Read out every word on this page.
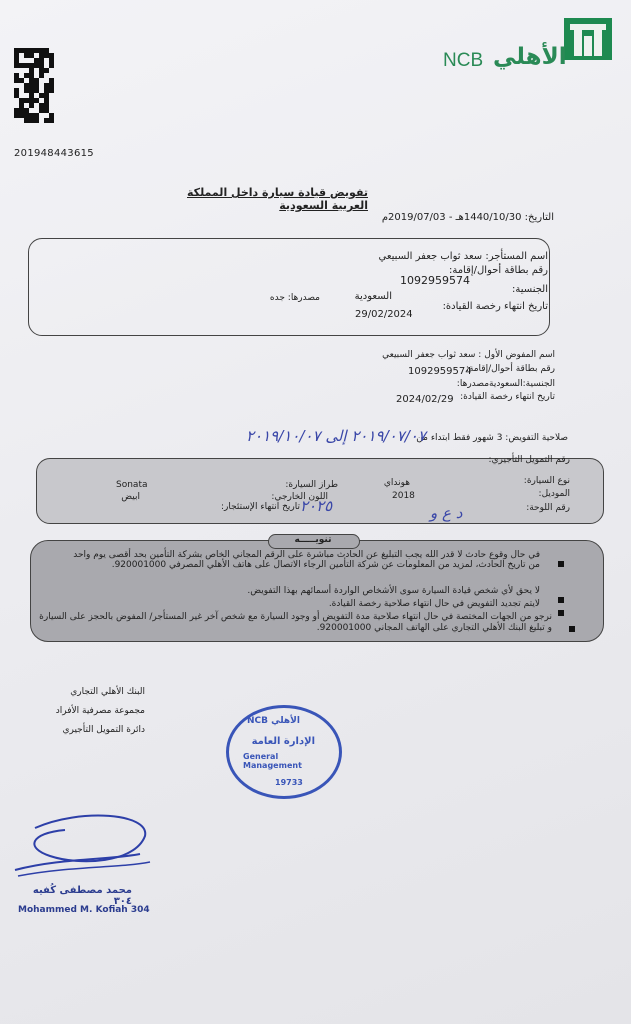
201948443615
NCB الأهلي
تفويض قيادة سيارة داخل المملكة العربية السعودية
التاريخ: 1440/10/30هـ - 2019/07/03م
اسم المستأجر: سعد ثواب جعفر السبيعي
رقم بطاقة أحوال/إقامة:
1092959574
الجنسية:
السعودية
مصدرها: جده
تاريخ انتهاء رخصة القيادة:
29/02/2024
اسم المفوض الأول : سعد ثواب جعفر السبيعي
رقم بطاقة أحوال/إقامة:
1092959574
الجنسية:السعوديةمصدرها:
تاريخ انتهاء رخصة القيادة:
2024/02/29
صلاحية التفويض: 3 شهور فقط ابتداء من
٢٠١٩/٠٧/٠٧ إلى ٢٠١٩/١٠/٠٧
رقم التمويل التأجيري:
نوع السيارة:
هونداي
طراز السيارة:
Sonata
الموديل:
2018
اللون الخارجي:
ابيض
رقم اللوحة:
تاريخ انتهاء الإستئجار: ٢٠٢٥	د ع و
تنويـــــه
في حال وقوع حادث لا قدر الله يجب التبليغ عن الحادث مباشرة على الرقم المجاني الخاص بشركة التأمين بحد أقصى يوم واحد من تاريخ الحادث، لمزيد من المعلومات عن شركة التأمين الرجاء الاتصال على هاتف الأهلي المصرفي 920001000.
لا يحق لأي شخص قيادة السيارة سوى الأشخاص الواردة أسمائهم بهذا التفويض.
لايتم تجديد التفويض في حال انتهاء صلاحية رخصة القيادة.
نرجو من الجهات المختصة في حال انتهاء صلاحية مدة التفويض أو وجود السيارة مع شخص آخر غير المستأجر/ المفوض بالحجز على السيارة و تبليغ البنك الأهلي التجاري على الهاتف المجاني 920001000.
البنك الأهلي التجاري
مجموعة مصرفية الأفراد
دائرة التمويل التأجيري
NCB الأهلي
الإدارة العامة
General Management
19733
محمد مصطفى كُفيه ٣٠٤
Mohammed M. Kofiah 304
